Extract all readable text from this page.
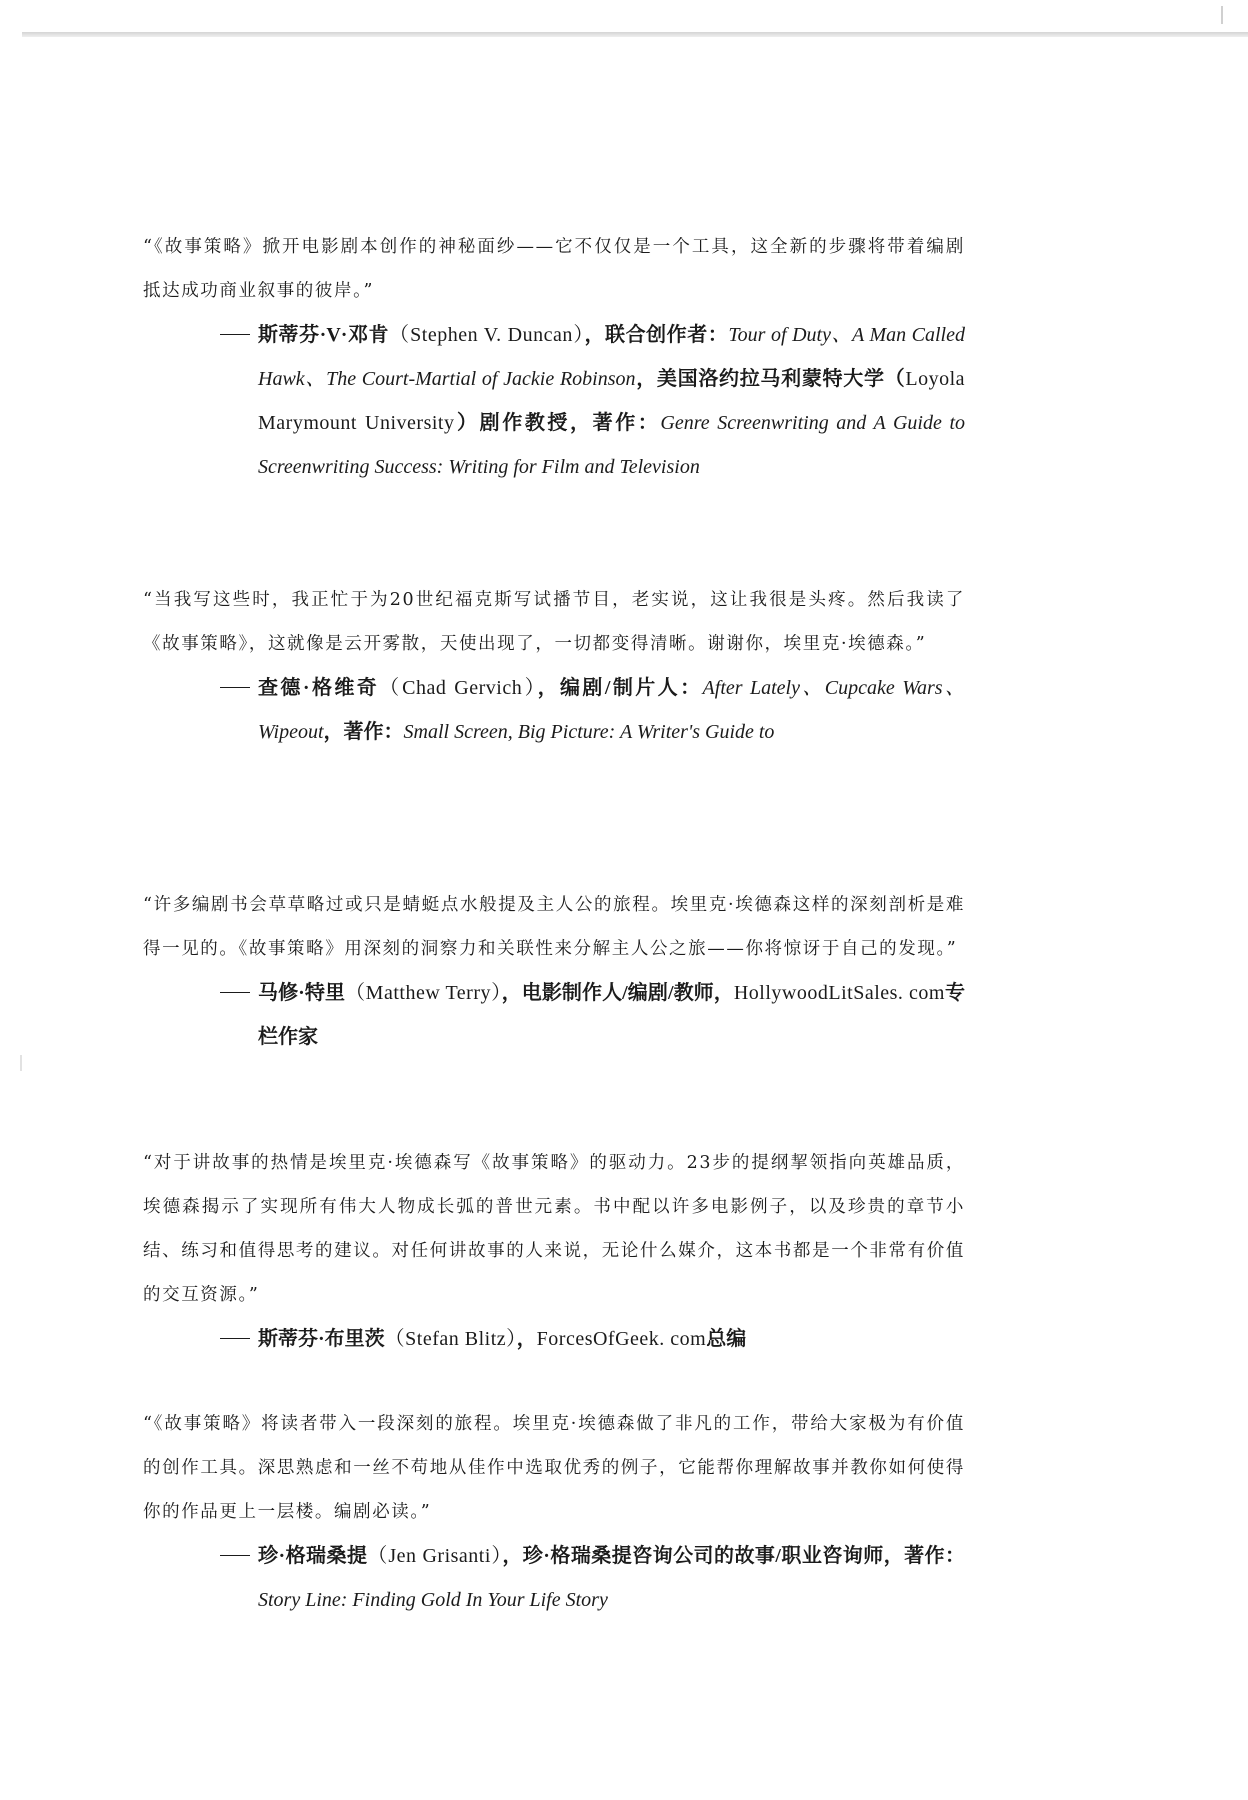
“《故事策略》掀开电影剧本创作的神秘面纱——它不仅仅是一个工具，这全新的步骤将带着编剧抵达成功商业叙事的彼岸。”

斯蒂芬·V·邓肯（Stephen V. Duncan），联合创作者：Tour of Duty、A Man Called Hawk、The Court-Martial of Jackie Robinson，美国洛约拉马利蒙特大学（Loyola Marymount University）剧作教授，著作：Genre Screenwriting and A Guide to Screenwriting Success: Writing for Film and Television

“当我写这些时，我正忙于为20世纪福克斯写试播节目，老实说，这让我很是头疼。然后我读了《故事策略》，这就像是云开雾散，天使出现了，一切都变得清晰。谢谢你，埃里克·埃德森。”

查德·格维奇（Chad Gervich），编剧/制片人：After Lately、Cupcake Wars、Wipeout，著作：Small Screen, Big Picture: A Writer's Guide to

“许多编剧书会草草略过或只是蜻蜓点水般提及主人公的旅程。埃里克·埃德森这样的深刻剖析是难得一见的。《故事策略》用深刻的洞察力和关联性来分解主人公之旅——你将惊讶于自己的发现。”

马修·特里（Matthew Terry），电影制作人/编剧/教师，HollywoodLitSales. com专栏作家

“对于讲故事的热情是埃里克·埃德森写《故事策略》的驱动力。23步的提纲挈领指向英雄品质，埃德森揭示了实现所有伟大人物成长弧的普世元素。书中配以许多电影例子，以及珍贵的章节小结、练习和值得思考的建议。对任何讲故事的人来说，无论什么媒介，这本书都是一个非常有价值的交互资源。”

斯蒂芬·布里茨（Stefan Blitz），ForcesOfGeek. com总编

“《故事策略》将读者带入一段深刻的旅程。埃里克·埃德森做了非凡的工作，带给大家极为有价值的创作工具。深思熟虑和一丝不苟地从佳作中选取优秀的例子，它能帮你理解故事并教你如何使得你的作品更上一层楼。编剧必读。”

珍·格瑞桑提（Jen Grisanti），珍·格瑞桑提咨询公司的故事/职业咨询师，著作：Story Line: Finding Gold In Your Life Story
